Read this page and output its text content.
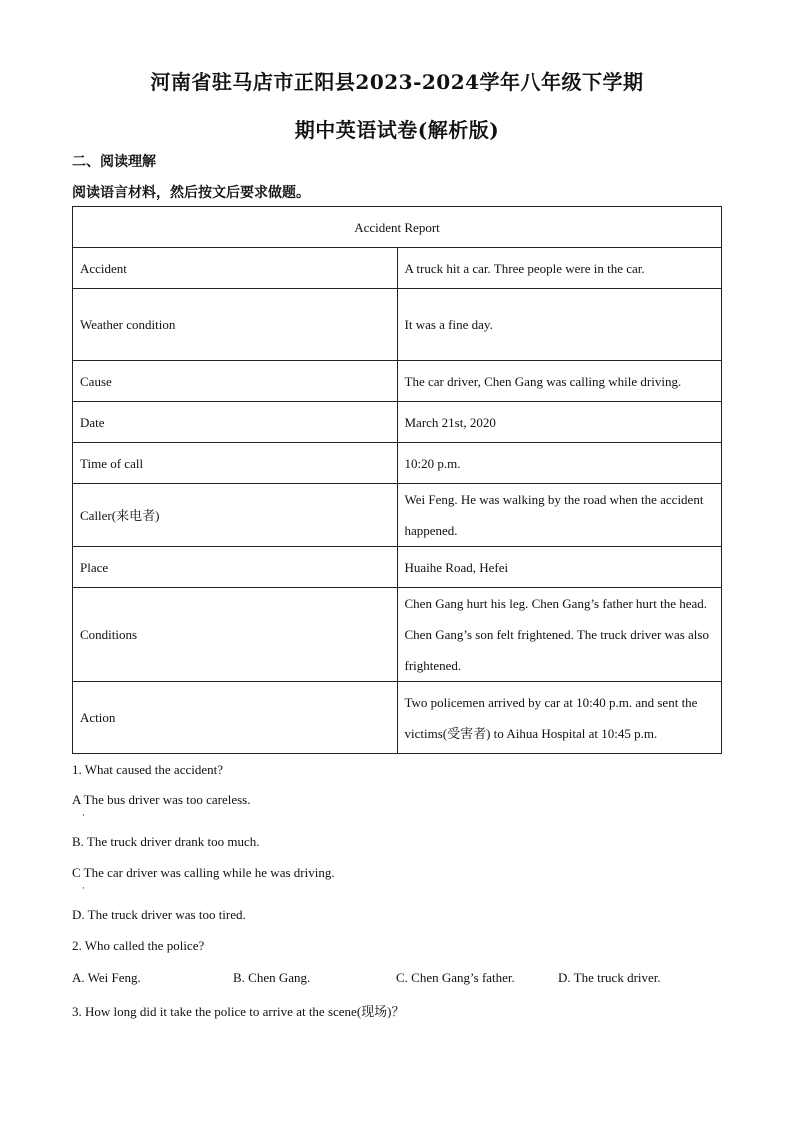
河南省驻马店市正阳县2023-2024学年八年级下学期
期中英语试卷(解析版)
二、阅读理解
阅读语言材料，然后按文后要求做题。
Accident Report	
Accident	A truck hit a car. Three people were in the car.
Weather condition	It was a fine day.
Cause	The car driver, Chen Gang was calling while driving.
Date	March 21st, 2020
Time of call	10:20 p.m.
Caller(来电者)	Wei Feng. He was walking by the road when the accident happened.
Place	Huaihe Road, Hefei
Conditions	Chen Gang hurt his leg. Chen Gang’s father hurt the head. Chen Gang’s son felt frightened. The truck driver was also frightened.
Action	Two policemen arrived by car at 10:40 p.m. and sent the victims(受害者) to Aihua Hospital at 10:45 p.m.
1. What caused the accident?
A The bus driver was too careless.
·
B. The truck driver drank too much.
C The car driver was calling while he was driving.
·
D. The truck driver was too tired.
2. Who called the police?
A. Wei Feng.	B. Chen Gang.	C. Chen Gang’s father.	D. The truck driver.
3. How long did it take the police to arrive at the scene(现场)？
